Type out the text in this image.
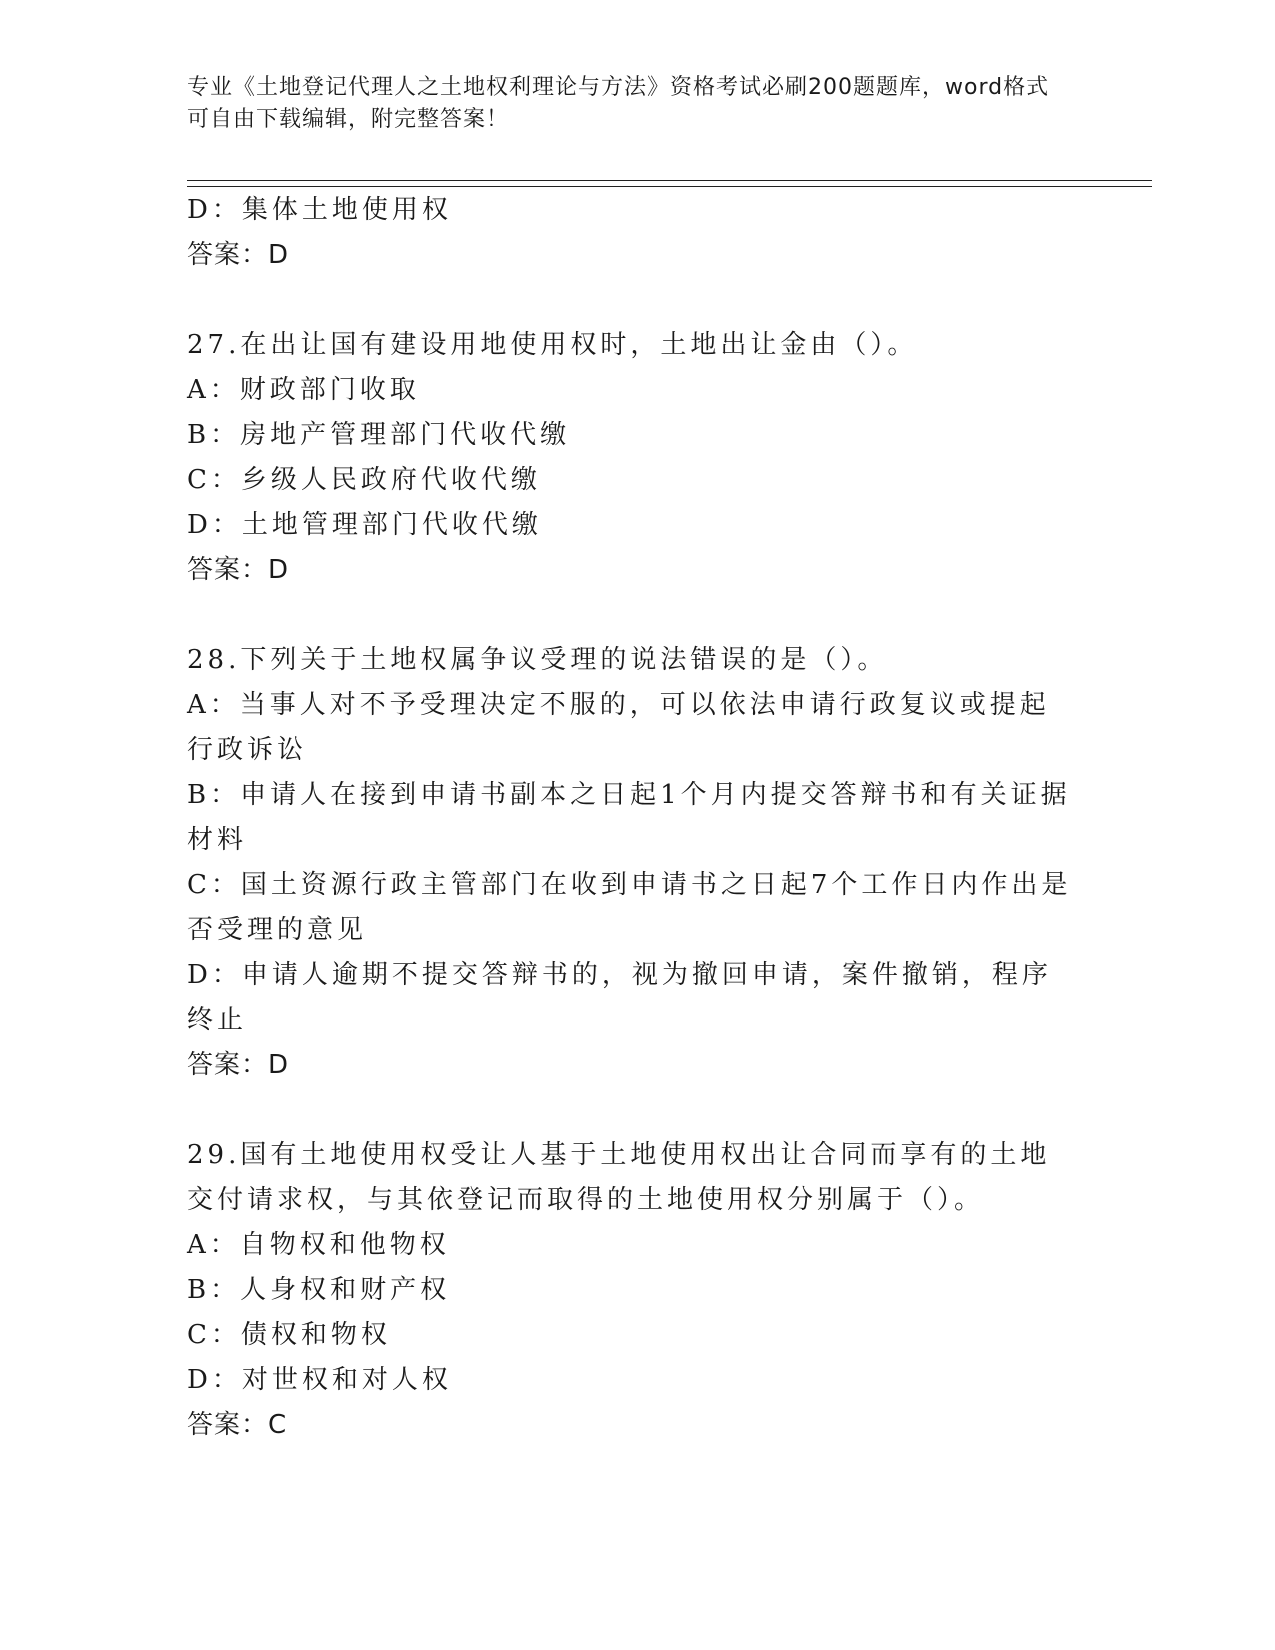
专业《土地登记代理人之土地权利理论与方法》资格考试必刷200题题库，word格式可自由下载编辑，附完整答案！
D：集体土地使用权
答案：D
27.在出让国有建设用地使用权时，土地出让金由（）。
A：财政部门收取
B：房地产管理部门代收代缴
C：乡级人民政府代收代缴
D：土地管理部门代收代缴
答案：D
28.下列关于土地权属争议受理的说法错误的是（）。
A：当事人对不予受理决定不服的，可以依法申请行政复议或提起行政诉讼
B：申请人在接到申请书副本之日起1个月内提交答辩书和有关证据材料
C：国土资源行政主管部门在收到申请书之日起7个工作日内作出是否受理的意见
D：申请人逾期不提交答辩书的，视为撤回申请，案件撤销，程序终止
答案：D
29.国有土地使用权受让人基于土地使用权出让合同而享有的土地交付请求权，与其依登记而取得的土地使用权分别属于（）。
A：自物权和他物权
B：人身权和财产权
C：债权和物权
D：对世权和对人权
答案：C
